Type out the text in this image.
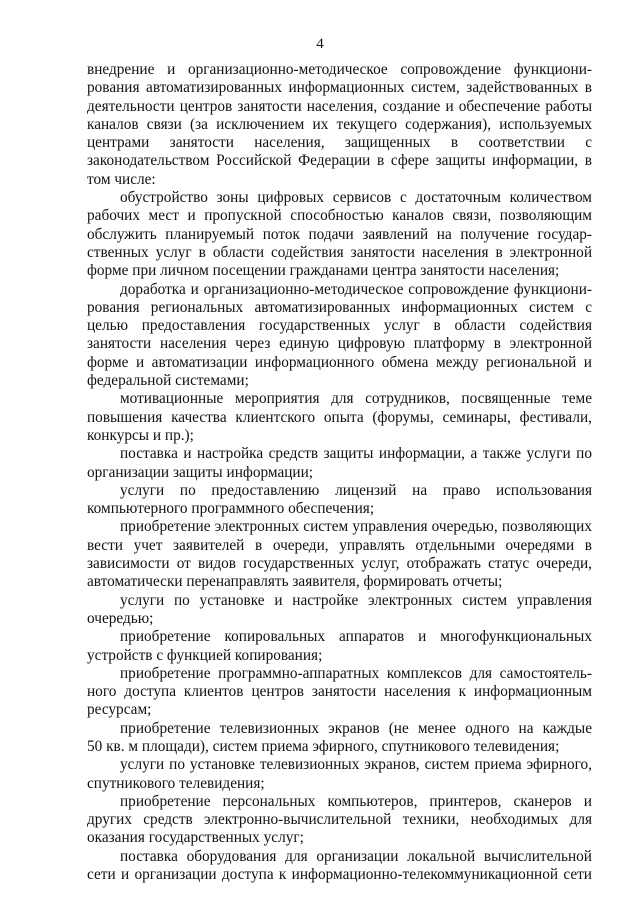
4
внедрение и организационно-методическое сопровождение функциони-
рования автоматизированных информационных систем, задействованных в
деятельности центров занятости населения, создание и обеспечение работы
каналов связи (за исключением их текущего содержания), используемых
центрами занятости населения, защищенных в соответствии с
законодательством Российской Федерации в сфере защиты информации, в
том числе:
обустройство зоны цифровых сервисов с достаточным количеством
рабочих мест и пропускной способностью каналов связи, позволяющим
обслужить планируемый поток подачи заявлений на получение государ-
ственных услуг в области содействия занятости населения в электронной
форме при личном посещении гражданами центра занятости населения;
доработка и организационно-методическое сопровождение функциони-
рования региональных автоматизированных информационных систем с
целью предоставления государственных услуг в области содействия
занятости населения через единую цифровую платформу в электронной
форме и автоматизации информационного обмена между региональной и
федеральной системами;
мотивационные мероприятия для сотрудников, посвященные теме
повышения качества клиентского опыта (форумы, семинары, фестивали,
конкурсы и пр.);
поставка и настройка средств защиты информации, а также услуги по
организации защиты информации;
услуги по предоставлению лицензий на право использования
компьютерного программного обеспечения;
приобретение электронных систем управления очередью, позволяющих
вести учет заявителей в очереди, управлять отдельными очередями в
зависимости от видов государственных услуг, отображать статус очереди,
автоматически перенаправлять заявителя, формировать отчеты;
услуги по установке и настройке электронных систем управления
очередью;
приобретение копировальных аппаратов и многофункциональных
устройств с функцией копирования;
приобретение программно-аппаратных комплексов для самостоятель-
ного доступа клиентов центров занятости населения к информационным
ресурсам;
приобретение телевизионных экранов (не менее одного на каждые
50 кв. м площади), систем приема эфирного, спутникового телевидения;
услуги по установке телевизионных экранов, систем приема эфирного,
спутникового телевидения;
приобретение персональных компьютеров, принтеров, сканеров и
других средств электронно-вычислительной техники, необходимых для
оказания государственных услуг;
поставка оборудования для организации локальной вычислительной
сети и организации доступа к информационно-телекоммуникационной сети
